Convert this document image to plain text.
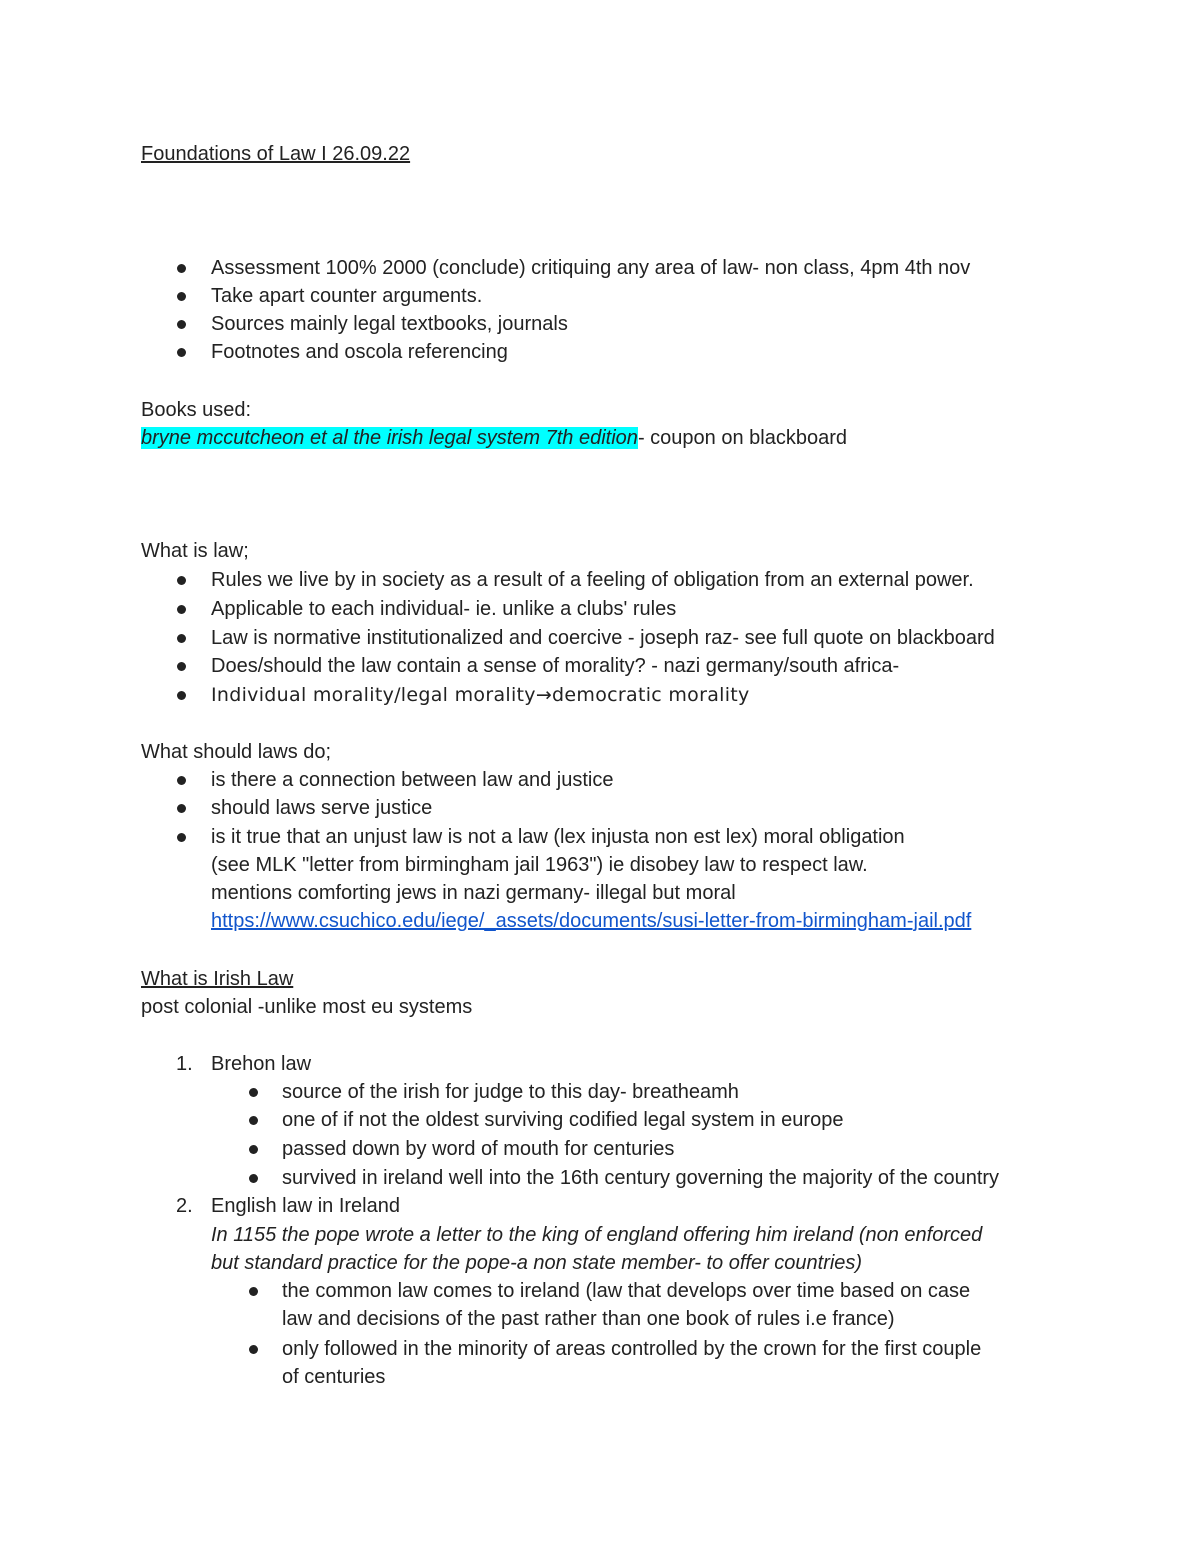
Foundations of Law I 26.09.22
Assessment 100% 2000 (conclude) critiquing any area of law- non class, 4pm 4th nov
Take apart counter arguments.
Sources mainly legal textbooks, journals
Footnotes and oscola referencing
Books used:
bryne mccutcheon et al the irish legal system 7th edition- coupon on blackboard
What is law;
Rules we live by in society as a result of a feeling of obligation from an external power.
Applicable to each individual- ie. unlike a clubs' rules
Law is normative institutionalized and coercive - joseph raz- see full quote on blackboard
Does/should the law contain a sense of morality? - nazi germany/south africa-
Individual morality/legal morality→democratic morality
What should laws do;
is there a connection between law and justice
should laws serve justice
is it true that an unjust law is not a law (lex injusta non est lex) moral obligation
(see MLK "letter from birmingham jail 1963") ie disobey law to respect law.
mentions comforting jews in nazi germany- illegal but moral
https://www.csuchico.edu/iege/_assets/documents/susi-letter-from-birmingham-jail.pdf
What is Irish Law
post colonial -unlike most eu systems
1. Brehon law
source of the irish for judge to this day- breatheamh
one of if not the oldest surviving codified legal system in europe
passed down by word of mouth for centuries
survived in ireland well into the 16th century governing the majority of the country
2. English law in Ireland
In 1155 the pope wrote a letter to the king of england offering him ireland (non enforced
but standard practice for the pope-a non state member- to offer countries)
the common law comes to ireland (law that develops over time based on case
law and decisions of the past rather than one book of rules i.e france)
only followed in the minority of areas controlled by the crown for the first couple
of centuries
